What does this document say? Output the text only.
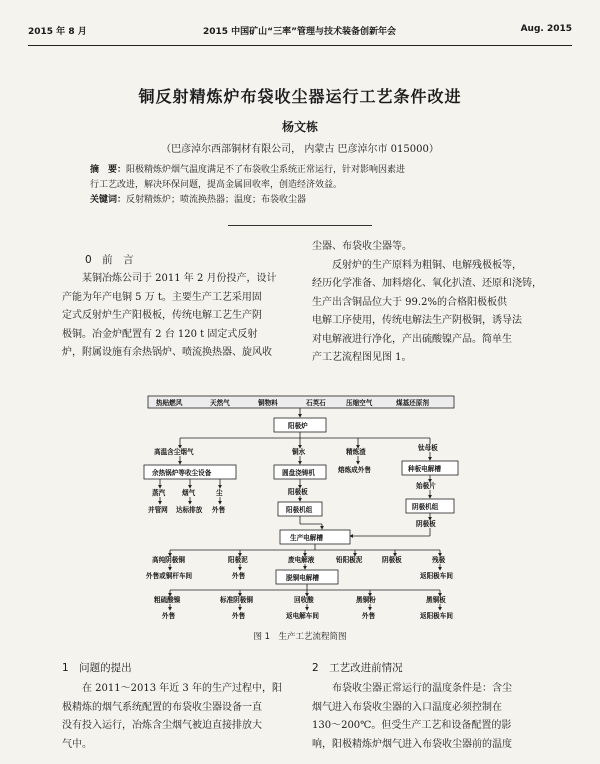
2015 年 8 月	2015 中国矿山“三率”管理与技术装备创新年会	Aug. 2015
铜反射精炼炉布袋收尘器运行工艺条件改进
杨文栋
（巴彦淖尔西部铜材有限公司， 内蒙古 巴彦淖尔市 015000）
摘　要：阳极精炼炉烟气温度满足不了布袋收尘系统正常运行，针对影响因素进
行工艺改进，解决环保问题，提高金属回收率，创造经济效益。
关键词：反射精炼炉；喷流换热器；温度；布袋收尘器
0　前　言
某铜冶炼公司于 2011 年 2 月份投产，设计
产能为年产电铜 5 万 t。主要生产工艺采用固
定式反射炉生产阳极板，传统电解工艺生产阴
极铜。冶金炉配置有 2 台 120 t 固定式反射
炉，附属设施有余热锅炉、喷流换热器、旋风收
尘器、布袋收尘器等。
反射炉的生产原料为粗铜、电解残极板等，
经历化学准备、加料熔化、氧化扒渣、还原和浇铸，
生产出含铜品位大于 99.2%的合格阳极板供
电解工序使用，传统电解法生产阴极铜，诱导法
对电解液进行净化，产出硫酸镍产品。简单生
产工艺流程图见图 1。
热贴燃风	天然气	铜物料	石英石	压缩空气	煤基还原剂
阳极炉
高温含尘烟气
余热锅炉等收尘设备
蒸汽	烟气	尘
并管网 达标排放 外售
铜水
圆盘浇铸机
阳极板
阳极机组
精炼渣
熔炼成外售
钛母板
种板电解槽
始极片
阴极机组
阴极板
生产电解槽
高纯阴极铜	阳极泥	废电解液	铅阳极泥	阴极板	残极
外售或铜杆车间	外售	脱铜电解槽	返阳极车间
粗硫酸镍	标准阴极铜	回收酸	黑铜粉	黑铜板
外售	外售	返电解车间	外售	返阳极车间
图 1　生产工艺流程简图
1　问题的提出
在 2011～2013 年近 3 年的生产过程中，阳
极精炼的烟气系统配置的布袋收尘器设备一直
没有投入运行，冶炼含尘烟气被迫直接排放大
气中。
2　工艺改进前情况
布袋收尘器正常运行的温度条件是：含尘
烟气进入布袋收尘器的入口温度必须控制在
130～200℃。但受生产工艺和设备配置的影
响，阳极精炼炉烟气进入布袋收尘器前的温度
